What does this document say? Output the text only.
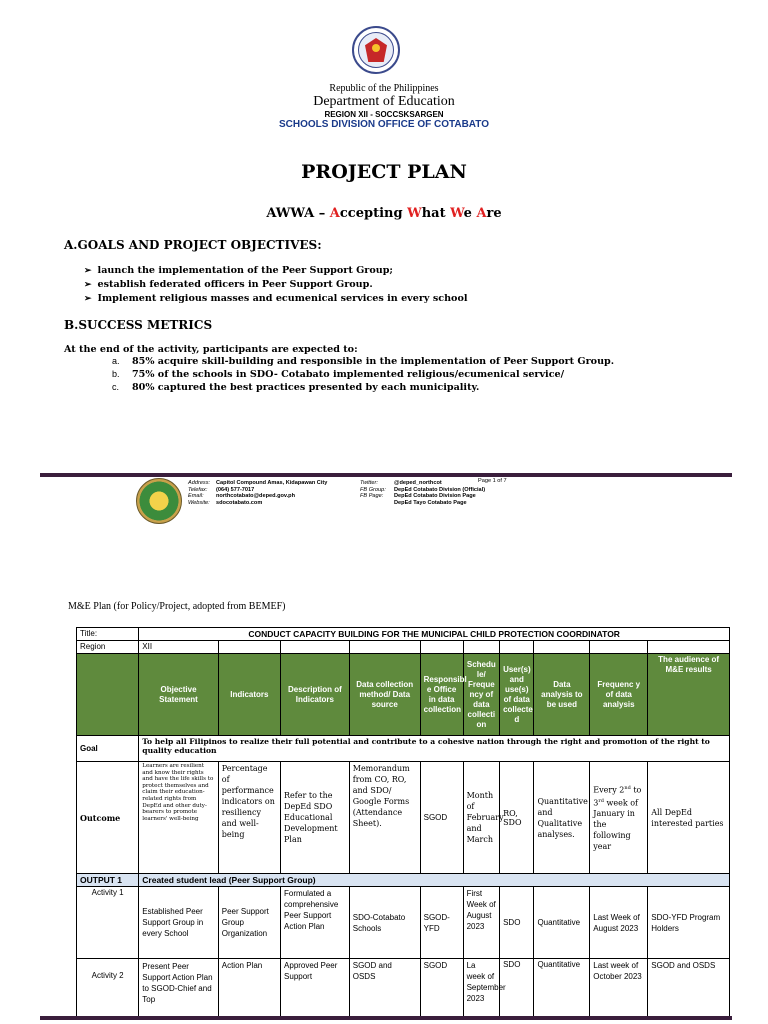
Republic of the Philippines
Department of Education
REGION XII - SOCCSKSARGEN
SCHOOLS DIVISION OFFICE OF COTABATO
PROJECT PLAN
AWWA – Accepting What We Are
A.GOALS AND PROJECT OBJECTIVES:
➢ launch the implementation of the Peer Support Group;
➢ establish federated officers in Peer Support Group.
➢ Implement religious masses and ecumenical services in every school
B.SUCCESS METRICS
At the end of the activity, participants are expected to:
a. 85% acquire skill-building and responsible in the implementation of Peer Support Group.
b. 75% of the schools in SDO- Cotabato implemented religious/ecumenical service/
c. 80% captured the best practices presented by each municipality.
Address: Capitol Compound Amas, Kidapawan City
Telefax: (064) 577-7017
Email: northcotabato@deped.gov.ph
Website: sdocotabato.com
Twitter:	@deped_northcot
FB Group: DepEd Cotabato Division (Official)
FB Page: DepEd Cotabato Division Page
DepEd Tayo Cotabato Page
Page 1 of 7
M&E Plan (for Policy/Project, adopted from BEMEF)
Title:	CONDUCT CAPACITY BUILDING FOR THE MUNICIPAL CHILD PROTECTION COORDINATOR									
Region	XII									
	Objective Statement	Indicators	Description of Indicators	Data collection method/ Data source	Responsibl e Office in data collection	Schedu le/ Freque ncy of data collecti on	User(s) and use(s) of data collecte d	Data analysis to be used	Frequenc y of data analysis	The audience of M&E results
Goal	To help all Filipinos to realize their full potential and contribute to a cohesive nation through the right and promotion of the right to quality education									
Outcome	Learners are resilient and know their rights and have the life skills to protect themselves and claim their education-related rights from DepEd and other duty-bearers to promote learners' well-being	Percentage of performance indicators on resiliency and well-being	Refer to the DepEd SDO Educational Development Plan	Memorandum from CO, RO, and SDO/ Google Forms (Attendance Sheet).	SGOD	Month of February and March	RO, SDO	Quantitative and Qualitative analyses.	Every 2nd to 3rd week of January in the following year	All DepEd interested parties
OUTPUT 1	Created student lead (Peer Support Group)									
Activity 1	Established Peer Support Group in every School	Peer Support Group Organization	Formulated a comprehensive Peer Support Action Plan	SDO-Cotabato Schools	SGOD-YFD	First Week of August 2023	SDO	Quantitative	Last Week of August 2023	SDO-YFD Program Holders
Activity 2	Present Peer Support Action Plan to SGOD-Chief and Top	Action Plan	Approved Peer Support	SGOD and OSDS	SGOD	La week of September 2023	SDO	Quantitative	Last week of October 2023	SGOD and OSDS
